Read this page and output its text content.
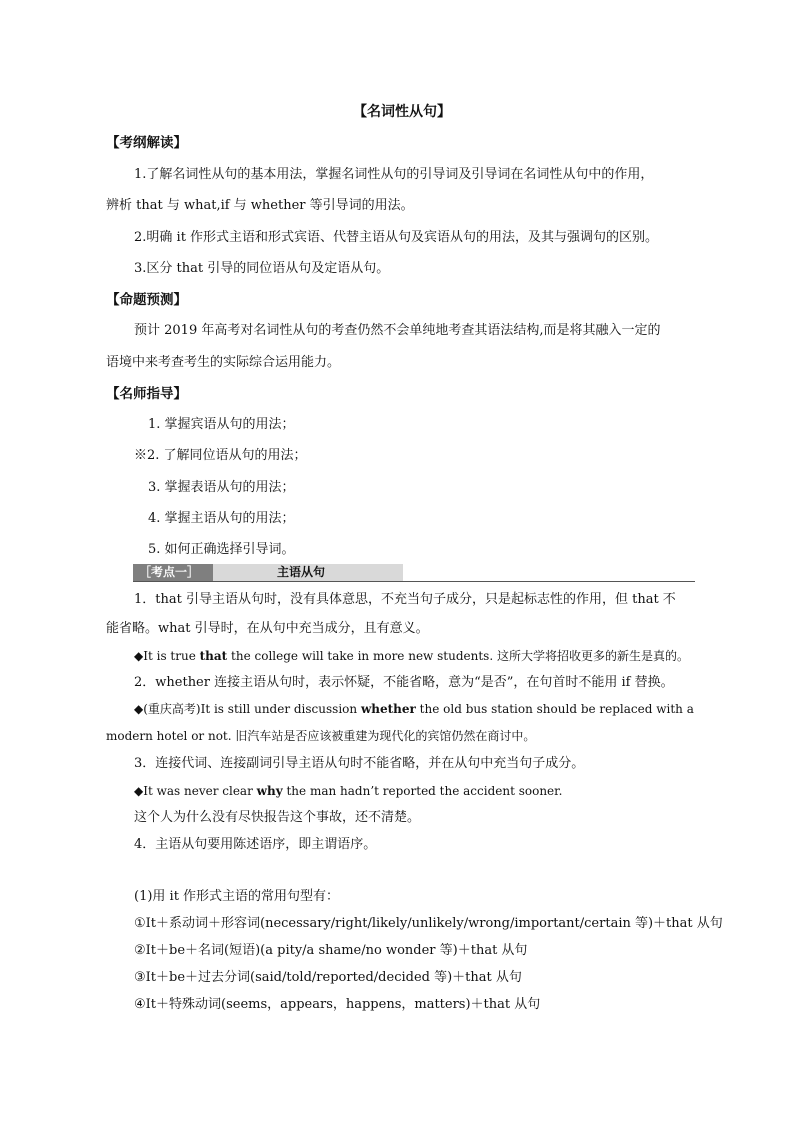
【名词性从句】
【考纲解读】
1.了解名词性从句的基本用法，掌握名词性从句的引导词及引导词在名词性从句中的作用，
辨析 that 与 what,if 与 whether 等引导词的用法。
2.明确 it 作形式主语和形式宾语、代替主语从句及宾语从句的用法，及其与强调句的区别。
3.区分 that 引导的同位语从句及定语从句。
【命题预测】
预计 2019 年高考对名词性从句的考查仍然不会单纯地考查其语法结构,而是将其融入一定的
语境中来考查考生的实际综合运用能力。
【名师指导】
1. 掌握宾语从句的用法；
※2. 了解同位语从句的用法；
3. 掌握表语从句的用法；
4. 掌握主语从句的用法；
5. 如何正确选择引导词。
［考点一］	主语从句
1．that 引导主语从句时，没有具体意思，不充当句子成分，只是起标志性的作用，但 that 不
能省略。what 引导时，在从句中充当成分，且有意义。
◆It is true that the college will take in more new students. 这所大学将招收更多的新生是真的。
2．whether 连接主语从句时，表示怀疑，不能省略，意为“是否”，在句首时不能用 if 替换。
◆(重庆高考)It is still under discussion whether the old bus station should be replaced with a
modern hotel or not. 旧汽车站是否应该被重建为现代化的宾馆仍然在商讨中。
3．连接代词、连接副词引导主语从句时不能省略，并在从句中充当句子成分。
◆It was never clear why the man hadn’t reported the accident sooner.
这个人为什么没有尽快报告这个事故，还不清楚。
4．主语从句要用陈述语序，即主谓语序。
(1)用 it 作形式主语的常用句型有：
①It＋系动词＋形容词(necessary/right/likely/unlikely/wrong/important/certain 等)＋that 从句
②It＋be＋名词(短语)(a pity/a shame/no wonder 等)＋that 从句
③It＋be＋过去分词(said/told/reported/decided 等)＋that 从句
④It＋特殊动词(seems，appears，happens，matters)＋that 从句
